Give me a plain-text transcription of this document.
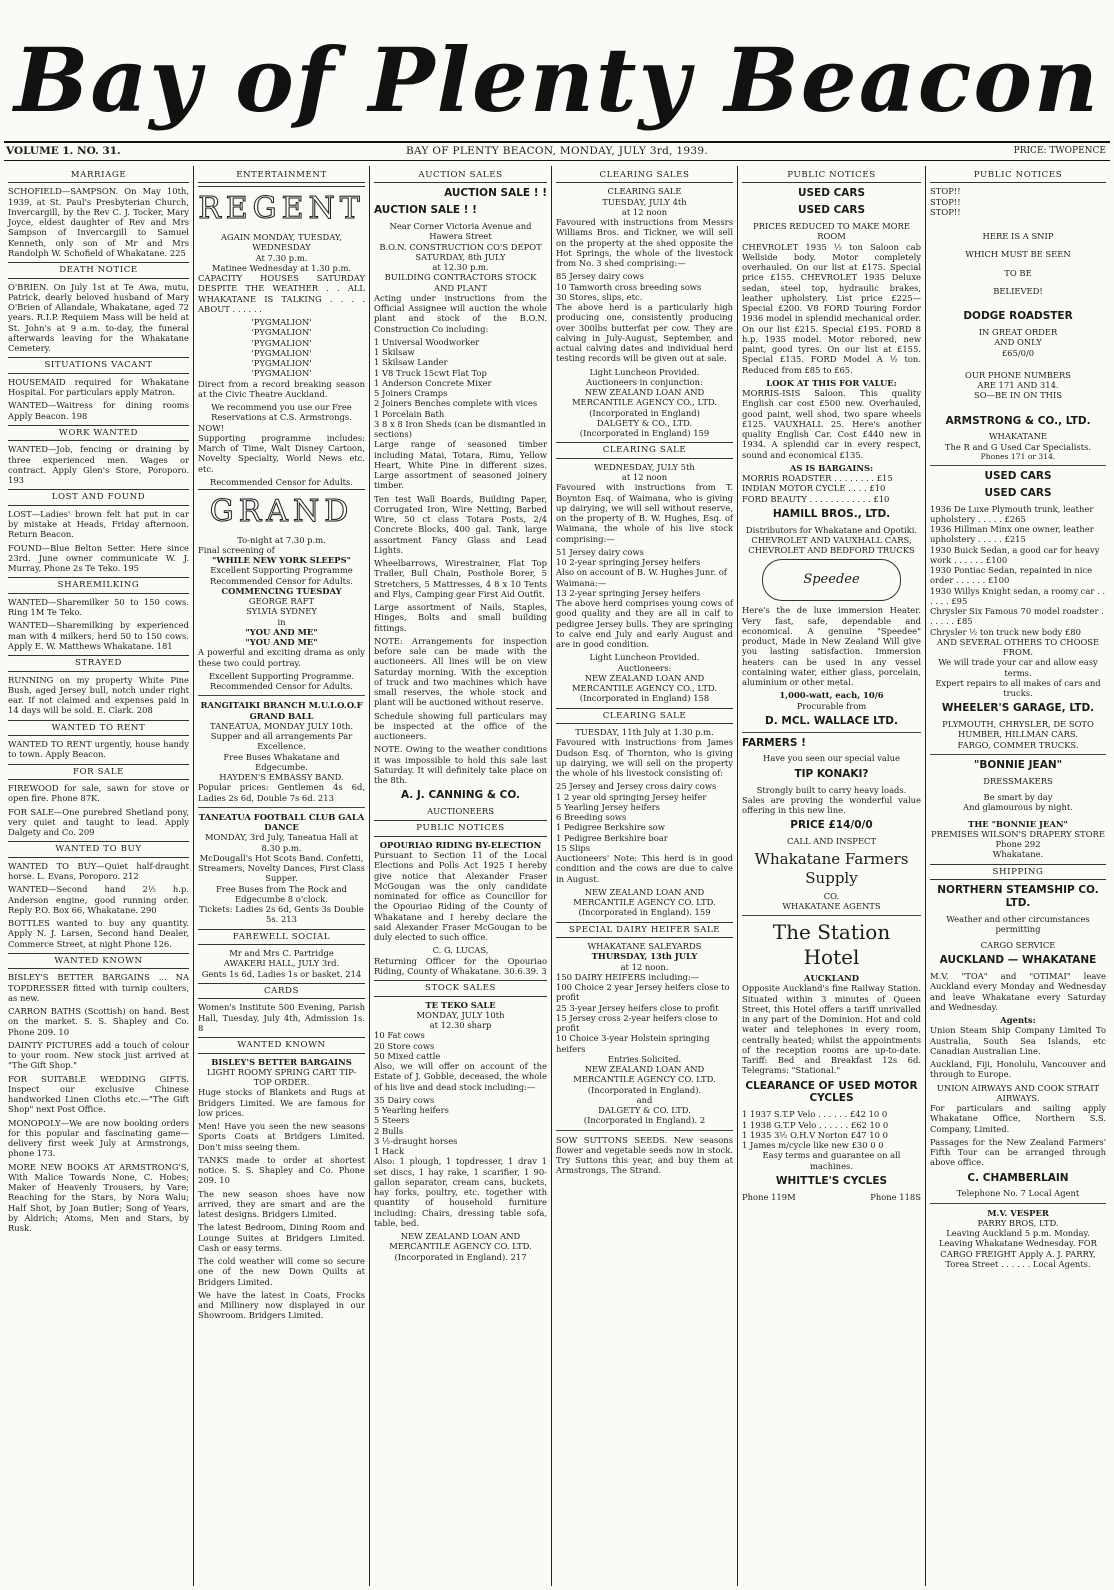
Bay of Plenty Beacon
VOLUME 1. NO. 31.	BAY OF PLENTY BEACON, MONDAY, JULY 3rd, 1939.	PRICE: TWOPENCE
MARRIAGE

SCHOFIELD—SAMPSON. On May 10th, 1939, at St. Paul's Presbyterian Church, Invercargill, by the Rev C. J. Tocker, Mary Joyce, eldest daughter of Rev and Mrs Sampson of Invercargill to Samuel Kenneth, only son of Mr and Mrs Randolph W. Schofield of Whakatane. 225

DEATH NOTICE

O'BRIEN. On July 1st at Te Awa, mutu, Patrick, dearly beloved husband of Mary O'Brien of Allandale, Whakatane, aged 72 years. R.I.P. Requiem Mass will be held at St. John's at 9 a.m. to-day, the funeral afterwards leaving for the Whakatane Cemetery.

SITUATIONS VACANT

HOUSEMAID required for Whakatane Hospital. For particulars apply Matron.

WANTED—Waitress for dining rooms Apply Beacon. 198

WORK WANTED

WANTED—Job, fencing or draining by three experienced men. Wages or contract. Apply Glen's Store, Poroporo. 193

LOST AND FOUND

LOST—Ladies' brown felt hat put in car by mistake at Heads, Friday afternoon. Return Beacon.

FOUND—Blue Belton Setter. Here since 23rd. June owner communicate W. J. Murray, Phone 2s Te Teko. 195

SHAREMILKING

WANTED—Sharemilker 50 to 150 cows. Ring 1M Te Teko.

WANTED—Sharemilking by experienced man with 4 milkers, herd 50 to 150 cows. Apply E. W. Matthews Whakatane. 181

STRAYED

RUNNING on my property White Pine Bush, aged Jersey bull, notch under right ear. If not claimed and expenses paid in 14 days will be sold. E. Clark. 208

WANTED TO RENT

WANTED TO RENT urgently, house handy to town. Apply Beacon.

FOR SALE

FIREWOOD for sale, sawn for stove or open fire. Phone 87K.

FOR SALE—One purebred Shetland pony, very quiet and taught to lead. Apply Dalgety and Co. 209

WANTED TO BUY

WANTED TO BUY—Quiet half-draught horse. L. Evans, Poroporo. 212

WANTED—Second hand 2½ h.p. Anderson engine, good running order. Reply P.O. Box 66, Whakatane. 290

BOTTLES wanted to buy any quantity. Apply N. J. Larsen, Second hand Dealer, Commerce Street, at night Phone 126.

WANTED KNOWN

BISLEY'S BETTER BARGAINS ... NA TOPDRESSER fitted with turnip coulters, as new.

CARRON BATHS (Scottish) on hand. Best on the market. S. S. Shapley and Co. Phone 209. 10

DAINTY PICTURES add a touch of colour to your room. New stock just arrived at "The Gift Shop."

FOR SUITABLE WEDDING GIFTS. Inspect our exclusive Chinese handworked Linen Cloths etc.—"The Gift Shop" next Post Office.

MONOPOLY—We are now booking orders for this popular and fascinating game—delivery first week July at Armstrongs, phone 173.

MORE NEW BOOKS AT ARMSTRONG'S, With Malice Towards None, C. Hobes; Maker of Heavenly Trousers, by Vare; Reaching for the Stars, by Nora Walu; Half Shot, by Joan Butler; Song of Years, by Aldrich; Atoms, Men and Stars, by Rusk.

ENTERTAINMENT
REGENT
AGAIN MONDAY, TUESDAY, WEDNESDAY
At 7.30 p.m.
Matinee Wednesday at 1.30 p.m.

CAPACITY HOUSES SATURDAY DESPITE THE WEATHER . . ALL WHAKATANE IS TALKING . . . . ABOUT . . . . . .

'PYGMALION'
'PYGMALION'
'PYGMALION'
'PYGMALION'
'PYGMALION'
'PYGMALION'

Direct from a record breaking season at the Civic Theatre Auckland.

We recommend you use our Free Reservations at C.S. Armstrongs.
NOW!

Supporting programme includes: March of Time, Walt Disney Cartoon, Novelty Specialty, World News etc. etc.

Recommended Censor for Adults.
GRAND
To-night at 7.30 p.m.
Final screening of
"WHILE NEW YORK SLEEPS"
Excellent Supporting Programme
Recommended Censor for Adults.
COMMENCING TUESDAY
GEORGE RAFT
SYLVIA SYDNEY
in
"YOU AND ME"
"YOU AND ME"

A powerful and exciting drama as only these two could portray.

Excellent Supporting Programme.
Recommended Censor for Adults.
RANGITAIKI BRANCH M.U.I.O.O.F GRAND BALL
TANEATUA, MONDAY JULY 10th.
Supper and all arrangements Par Excellence.
Free Buses Whakatane and Edgecumbe.
HAYDEN'S EMBASSY BAND.

Popular prices: Gentlemen 4s 6d, Ladies 2s 6d, Double 7s 6d. 213

TANEATUA FOOTBALL CLUB GALA DANCE
MONDAY, 3rd July, Taneatua Hall at 8.30 p.m.
McDougall's Hot Scots Band. Confetti, Streamers, Novelty Dances, First Class Supper.
Free Buses from The Rock and Edgecumbe 8 o'clock.
Tickets: Ladies 2s 6d, Gents 3s Double 5s. 213
FAREWELL SOCIAL
Mr and Mrs C. Partridge
AWAKERI HALL, JULY 3rd.
Gents 1s 6d, Ladies 1s or basket. 214
CARDS

Women's Institute 500 Evening, Parish Hall, Tuesday, July 4th, Admission 1s. 8

WANTED KNOWN
BISLEY'S BETTER BARGAINS
LIGHT ROOMY SPRING CART TIP-TOP ORDER.

Huge stocks of Blankets and Rugs at Bridgers Limited. We are famous for low prices.

Men! Have you seen the new seasons Sports Coats at Bridgers Limited. Don't miss seeing them.

TANKS made to order at shortest notice. S. S. Shapley and Co. Phone 209. 10

The new season shoes have now arrived, they are smart and are the latest designs. Bridgers Limited.

The latest Bedroom, Dining Room and Lounge Suites at Bridgers Limited. Cash or easy terms.

The cold weather will come so secure one of the new Down Quilts at Bridgers Limited.

We have the latest in Coats, Frocks and Millinery now displayed in our Showroom. Bridgers Limited.

AUCTION SALES
AUCTION SALE ! !
AUCTION SALE ! !
Near Corner Victoria Avenue and Hawera Street
B.O.N. CONSTRUCTION CO'S DEPOT
SATURDAY, 8th JULY
at 12.30 p.m.
BUILDING CONTRACTORS STOCK AND PLANT

Acting under instructions from the Official Assignee will auction the whole plant and stock of the B.O.N. Construction Co including:

1 Universal Woodworker
1 Skilsaw
1 Skilsaw Lander
1 V8 Truck 15cwt Flat Top
1 Anderson Concrete Mixer
5 Joiners Cramps
2 Joiners Benches complete with vices
1 Porcelain Bath
3 8 x 8 Iron Sheds (can be dismantled in sections)

Large range of seasoned timber including Matai, Totara, Rimu, Yellow Heart, White Pine in different sizes. Large assortment of seasoned joinery timber.

Ten test Wall Boards, Building Paper, Corrugated Iron, Wire Netting, Barbed Wire, 50 ct class Totara Posts, 2/4 Concrete Blocks, 400 gal. Tank, large assortment Fancy Glass and Lead Lights.

Wheelbarrows, Wirestrainer, Flat Top Trailer, Bull Chain, Posthole Borer, 5 Stretchers, 5 Mattresses, 4 8 x 10 Tents and Flys, Camping gear First Aid Outfit.

Large assortment of Nails, Staples, Hinges, Bolts and small building fittings.

NOTE: Arrangements for inspection before sale can be made with the auctioneers. All lines will be on view Saturday morning. With the exception of truck and two machines which have small reserves, the whole stock and plant will be auctioned without reserve.

Schedule showing full particulars may be inspected at the office of the auctioneers.

NOTE. Owing to the weather conditions it was impossible to hold this sale last Saturday. It will definitely take place on the 8th.

A. J. CANNING & CO.
AUCTIONEERS
PUBLIC NOTICES
OPOURIAO RIDING BY-ELECTION

Pursuant to Section 11 of the Local Elections and Polls Act 1925 I hereby give notice that Alexander Fraser McGougan was the only candidate nominated for office as Councillor for the Opouriao Riding of the County of Whakatane and I hereby declare the said Alexander Fraser McGougan to be duly elected to such office.

C. G. LUCAS,

Returning Officer for the Opouriao Riding, County of Whakatane. 30.6.39. 3

STOCK SALES
TE TEKO SALE
MONDAY, JULY 10th
at 12.30 sharp
10 Fat cows
20 Store cows
50 Mixed cattle

Also, we will offer on account of the Estate of J. Gobble, deceased, the whole of his live and dead stock including:—

35 Dairy cows
5 Yearling heifers
5 Steers
2 Bulls
3 ½-draught horses
1 Hack

Also: 1 plough, 1 topdresser, 1 drav 1 set discs, 1 hay rake, 1 scarifier, 1 90-gallon separator, cream cans, buckets, hay forks, poultry, etc. together with quantity of household furniture including: Chairs, dressing table sofa, table, bed.

NEW ZEALAND LOAN AND MERCANTILE AGENCY CO. LTD.
(Incorporated in England). 217
CLEARING SALES
CLEARING SALE
TUESDAY, JULY 4th
at 12 noon

Favoured with instructions from Messrs Williams Bros. and Tickner, we will sell on the property at the shed opposite the Hot Springs, the whole of the livestock from No. 3 shed comprising:—

85 Jersey dairy cows
10 Tamworth cross breeding sows
30 Stores, slips, etc.

The above herd is a particularly high producing one, consistently producing over 300lbs butterfat per cow. They are calving in July-August, September, and actual calving dates and individual herd testing records will be given out at sale.

Light Luncheon Provided.
Auctioneers in conjunction:
NEW ZEALAND LOAN AND MERCANTILE AGENCY CO., LTD.
(Incorporated in England)
DALGETY & CO., LTD.
(Incorporated in England) 159
CLEARING SALE
WEDNESDAY, JULY 5th
at 12 noon

Favoured with instructions from T. Boynton Esq. of Waimana, who is giving up dairying, we will sell without reserve, on the property of B. W. Hughes, Esq. of Waimana, the whole of his live stock comprising:—

51 Jersey dairy cows
10 2-year springing Jersey heifers
Also on account of B. W. Hughes Junr. of Waimana:—
13 2-year springing Jersey heifers

The above herd comprises young cows of good quality and they are all in calf to pedigree Jersey bulls. They are springing to calve end July and early August and are in good condition.

Light Luncheon Provided.
Auctioneers:
NEW ZEALAND LOAN AND MERCANTILE AGENCY CO., LTD.
(Incorporated in England) 158
CLEARING SALE
TUESDAY, 11th July at 1.30 p.m.

Favoured with instructions from James Dudson Esq. of Thornton, who is giving up dairying, we will sell on the property the whole of his livestock consisting of:

25 Jersey and Jersey cross dairy cows
1 2 year old springing Jersey heifer
5 Yearling Jersey heifers
6 Breeding sows
1 Pedigree Berkshire sow
1 Pedigree Berkshire boar
15 Slips

Auctioneers' Note: This herd is in good condition and the cows are due to calve in August.

NEW ZEALAND LOAN AND MERCANTILE AGENCY CO. LTD.
(Incorporated in England). 159
SPECIAL DAIRY HEIFER SALE
WHAKATANE SALEYARDS
THURSDAY, 13th JULY
at 12 noon.
150 DAIRY HEIFERS including:—
100 Choice 2 year Jersey heifers close to profit
25 3-year Jersey heifers close to profit
15 Jersey cross 2-year heifers close to profit
10 Choice 3-year Holstein springing heifers
Entries Solicited.
NEW ZEALAND LOAN AND MERCANTILE AGENCY CO. LTD.
(Incorporated in England).
and
DALGETY & CO. LTD.
(Incorporated in England). 2

SOW SUTTONS SEEDS. New seasons flower and vegetable seeds now in stock. Try Suttons this year, and buy them at Armstrongs, The Strand.

PUBLIC NOTICES
USED CARS
USED CARS
PRICES REDUCED TO MAKE MORE ROOM

CHEVROLET 1935 ½ ton Saloon cab Wellside body. Motor completely overhauled. On our list at £175. Special price £155. CHEVROLET 1935 Deluxe sedan, steel top, hydraulic brakes, leather upholstery. List price £225—Special £200. V8 FORD Touring Fordor 1936 model in splendid mechanical order. On our list £215. Special £195. FORD 8 h.p. 1935 model. Motor rebored, new paint, good tyres. On our list at £155. Special £135. FORD Model A ½ ton. Reduced from £85 to £65.

LOOK AT THIS FOR VALUE:

MORRIS-ISIS Saloon. This quality English car cost £500 new. Overhauled, good paint, well shod, two spare wheels £125. VAUXHALL 25. Here's another quality English Car. Cost £440 new in 1934. A splendid car in every respect, sound and economical £135.

AS IS BARGAINS:
MORRIS ROADSTER . . . . . . . . £15
INDIAN MOTOR CYCLE . . . . £10
FORD BEAUTY . . . . . . . . . . . . £10
HAMILL BROS., LTD.
Distributors for Whakatane and Opotiki.
CHEVROLET AND VAUXHALL CARS,
CHEVROLET AND BEDFORD TRUCKS
Speedee

Here's the de luxe immersion Heater. Very fast, safe, dependable and economical. A genuine "Speedee" product, Made in New Zealand Will give you lasting satisfaction. Immersion heaters can be used in any vessel containing water, either glass, porcelain, aluminium or other metal.

1,000-watt, each, 10/6
Procurable from
D. MCL. WALLACE LTD.
FARMERS !
Have you seen our special value
TIP KONAKI?
Strongly built to carry heavy loads.

Sales are proving the wonderful value offering in this new line.

PRICE £14/0/0
CALL AND INSPECT
Whakatane Farmers Supply
CO.
WHAKATANE AGENTS
The Station Hotel
AUCKLAND

Opposite Auckland's fine Railway Station. Situated within 3 minutes of Queen Street, this Hotel offers a tariff unrivalled in any part of the Dominion. Hot and cold water and telephones in every room, centrally heated; whilst the appointments of the reception rooms are up-to-date. Tariff: Bed and Breakfast 12s 6d. Telegrams: "Stational."

CLEARANCE OF USED MOTOR CYCLES
1 1937 S.T.P Velo . . . . . . £42 10 0
1 1938 G.T.P Velo . . . . . . £62 10 0
1 1935 3½ O.H.V Norton £47 10 0
1 James m/cycle like new £30 0 0
Easy terms and guarantee on all machines.
WHITTLE'S CYCLES
Phone 119M	Phone 118S
PUBLIC NOTICES
STOP!!
STOP!!
STOP!!
HERE IS A SNIP
WHICH MUST BE SEEN
TO BE
BELIEVED!
DODGE ROADSTER
IN GREAT ORDER
AND ONLY
£65/0/0
OUR PHONE NUMBERS
ARE 171 AND 314.
SO—BE IN ON THIS
ARMSTRONG & CO., LTD.
WHAKATANE
The R and G Used Car Specialists.
Phones 171 or 314.
USED CARS
USED CARS
1936 De Luxe Plymouth trunk, leather upholstery . . . . . £265
1936 Hillman Minx one owner, leather upholstery . . . . . £215
1930 Buick Sedan, a good car for heavy work . . . . . . £100
1930 Pontiac Sedan, repainted in nice order . . . . . . £100
1930 Willys Knight sedan, a roomy car . . . . . . £95
Chrysler Six Famous 70 model roadster . . . . . . £85
Chrysler ½ ton truck new body £80
AND SEVERAL OTHERS TO CHOOSE FROM.
We will trade your car and allow easy terms.
Expert repairs to all makes of cars and trucks.
WHEELER'S GARAGE, LTD.
PLYMOUTH, CHRYSLER, DE SOTO HUMBER, HILLMAN CARS.
FARGO, COMMER TRUCKS.
"BONNIE JEAN"
DRESSMAKERS
Be smart by day
And glamourous by night.
THE "BONNIE JEAN"
PREMISES WILSON'S DRAPERY STORE
Phone 292
Whakatane.
SHIPPING
NORTHERN STEAMSHIP CO. LTD.
Weather and other circumstances permitting
CARGO SERVICE
AUCKLAND — WHAKATANE

M.V. "TOA" and "OTIMAI" leave Auckland every Monday and Wednesday and leave Whakatane every Saturday and Wednesday.

Agents:

Union Steam Ship Company Limited To Australia, South Sea Islands, etc Canadian Australian Line.

Auckland, Fiji, Honolulu, Vancouver and through to Europe.

UNION AIRWAYS AND COOK STRAIT AIRWAYS.

For particulars and sailing apply Whakatane Office, Northern S.S. Company, Limited.

Passages for the New Zealand Farmers' Fifth Tour can be arranged through above office.

C. CHAMBERLAIN
Telephone No. 7 Local Agent
M.V. VESPER
PARRY BROS, LTD.

Leaving Auckland 5 p.m. Monday. Leaving Whakatane Wednesday. FOR CARGO FREIGHT Apply A. J. PARRY, Torea Street . . . . . . Local Agents.
